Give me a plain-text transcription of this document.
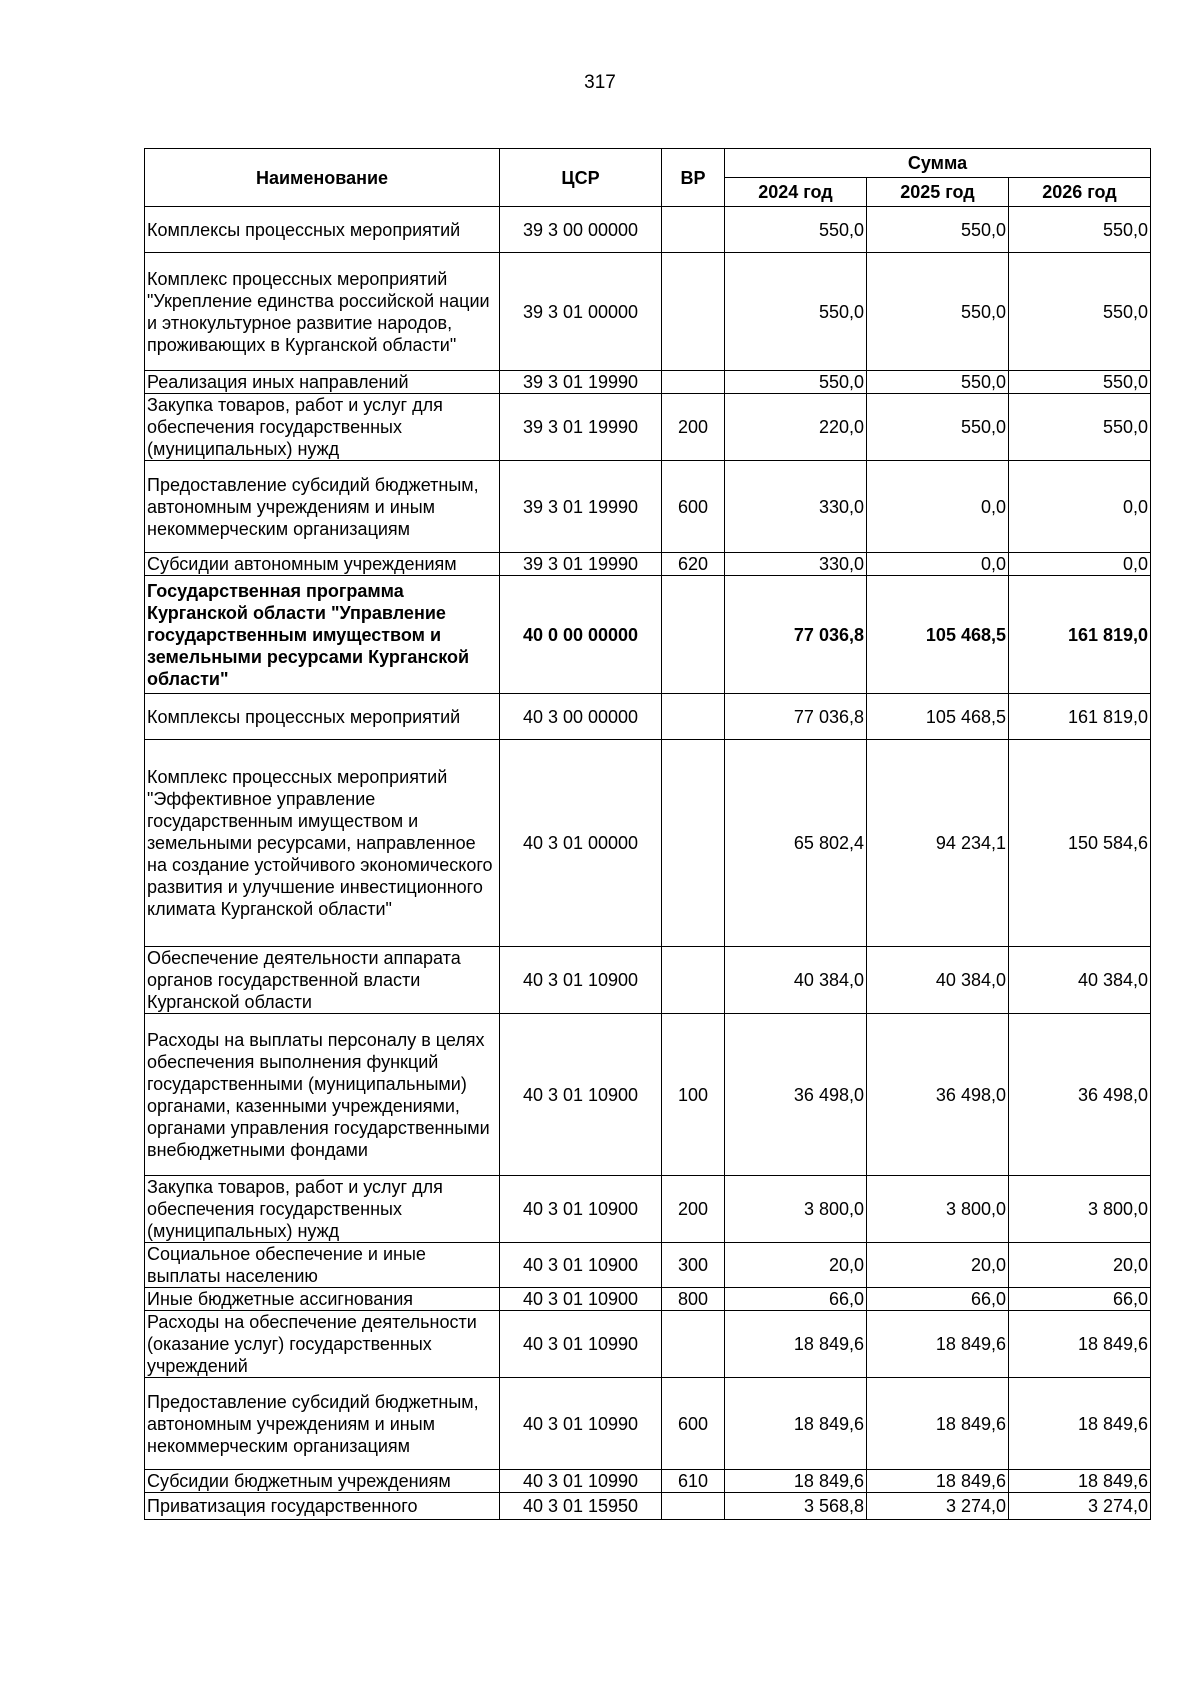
317
Наименование	ЦСР	ВР	Сумма		
			2024 год	2025 год	2026 год
Комплексы процессных мероприятий	39 3 00 00000		550,0	550,0	550,0
Комплекс процессных мероприятий "Укрепление единства российской нации и этнокультурное развитие народов, проживающих в Курганской области"	39 3 01 00000		550,0	550,0	550,0
Реализация иных направлений	39 3 01 19990		550,0	550,0	550,0
Закупка товаров, работ и услуг для обеспечения государственных (муниципальных) нужд	39 3 01 19990	200	220,0	550,0	550,0
Предоставление субсидий бюджетным, автономным учреждениям и иным некоммерческим организациям	39 3 01 19990	600	330,0	0,0	0,0
Субсидии автономным учреждениям	39 3 01 19990	620	330,0	0,0	0,0
Государственная программа Курганской области "Управление государственным имуществом и земельными ресурсами Курганской области"	40 0 00 00000		77 036,8	105 468,5	161 819,0
Комплексы процессных мероприятий	40 3 00 00000		77 036,8	105 468,5	161 819,0
Комплекс процессных мероприятий "Эффективное управление государственным имуществом и земельными ресурсами, направленное на создание устойчивого экономического развития и улучшение инвестиционного климата Курганской области"	40 3 01 00000		65 802,4	94 234,1	150 584,6
Обеспечение деятельности аппарата органов государственной власти Курганской области	40 3 01 10900		40 384,0	40 384,0	40 384,0
Расходы на выплаты персоналу в целях обеспечения выполнения функций государственными (муниципальными) органами, казенными учреждениями, органами управления государственными внебюджетными фондами	40 3 01 10900	100	36 498,0	36 498,0	36 498,0
Закупка товаров, работ и услуг для обеспечения государственных (муниципальных) нужд	40 3 01 10900	200	3 800,0	3 800,0	3 800,0
Социальное обеспечение и иные выплаты населению	40 3 01 10900	300	20,0	20,0	20,0
Иные бюджетные ассигнования	40 3 01 10900	800	66,0	66,0	66,0
Расходы на обеспечение деятельности (оказание услуг) государственных учреждений	40 3 01 10990		18 849,6	18 849,6	18 849,6
Предоставление субсидий бюджетным, автономным учреждениям и иным некоммерческим организациям	40 3 01 10990	600	18 849,6	18 849,6	18 849,6
Субсидии бюджетным учреждениям	40 3 01 10990	610	18 849,6	18 849,6	18 849,6
Приватизация государственного	40 3 01 15950		3 568,8	3 274,0	3 274,0
